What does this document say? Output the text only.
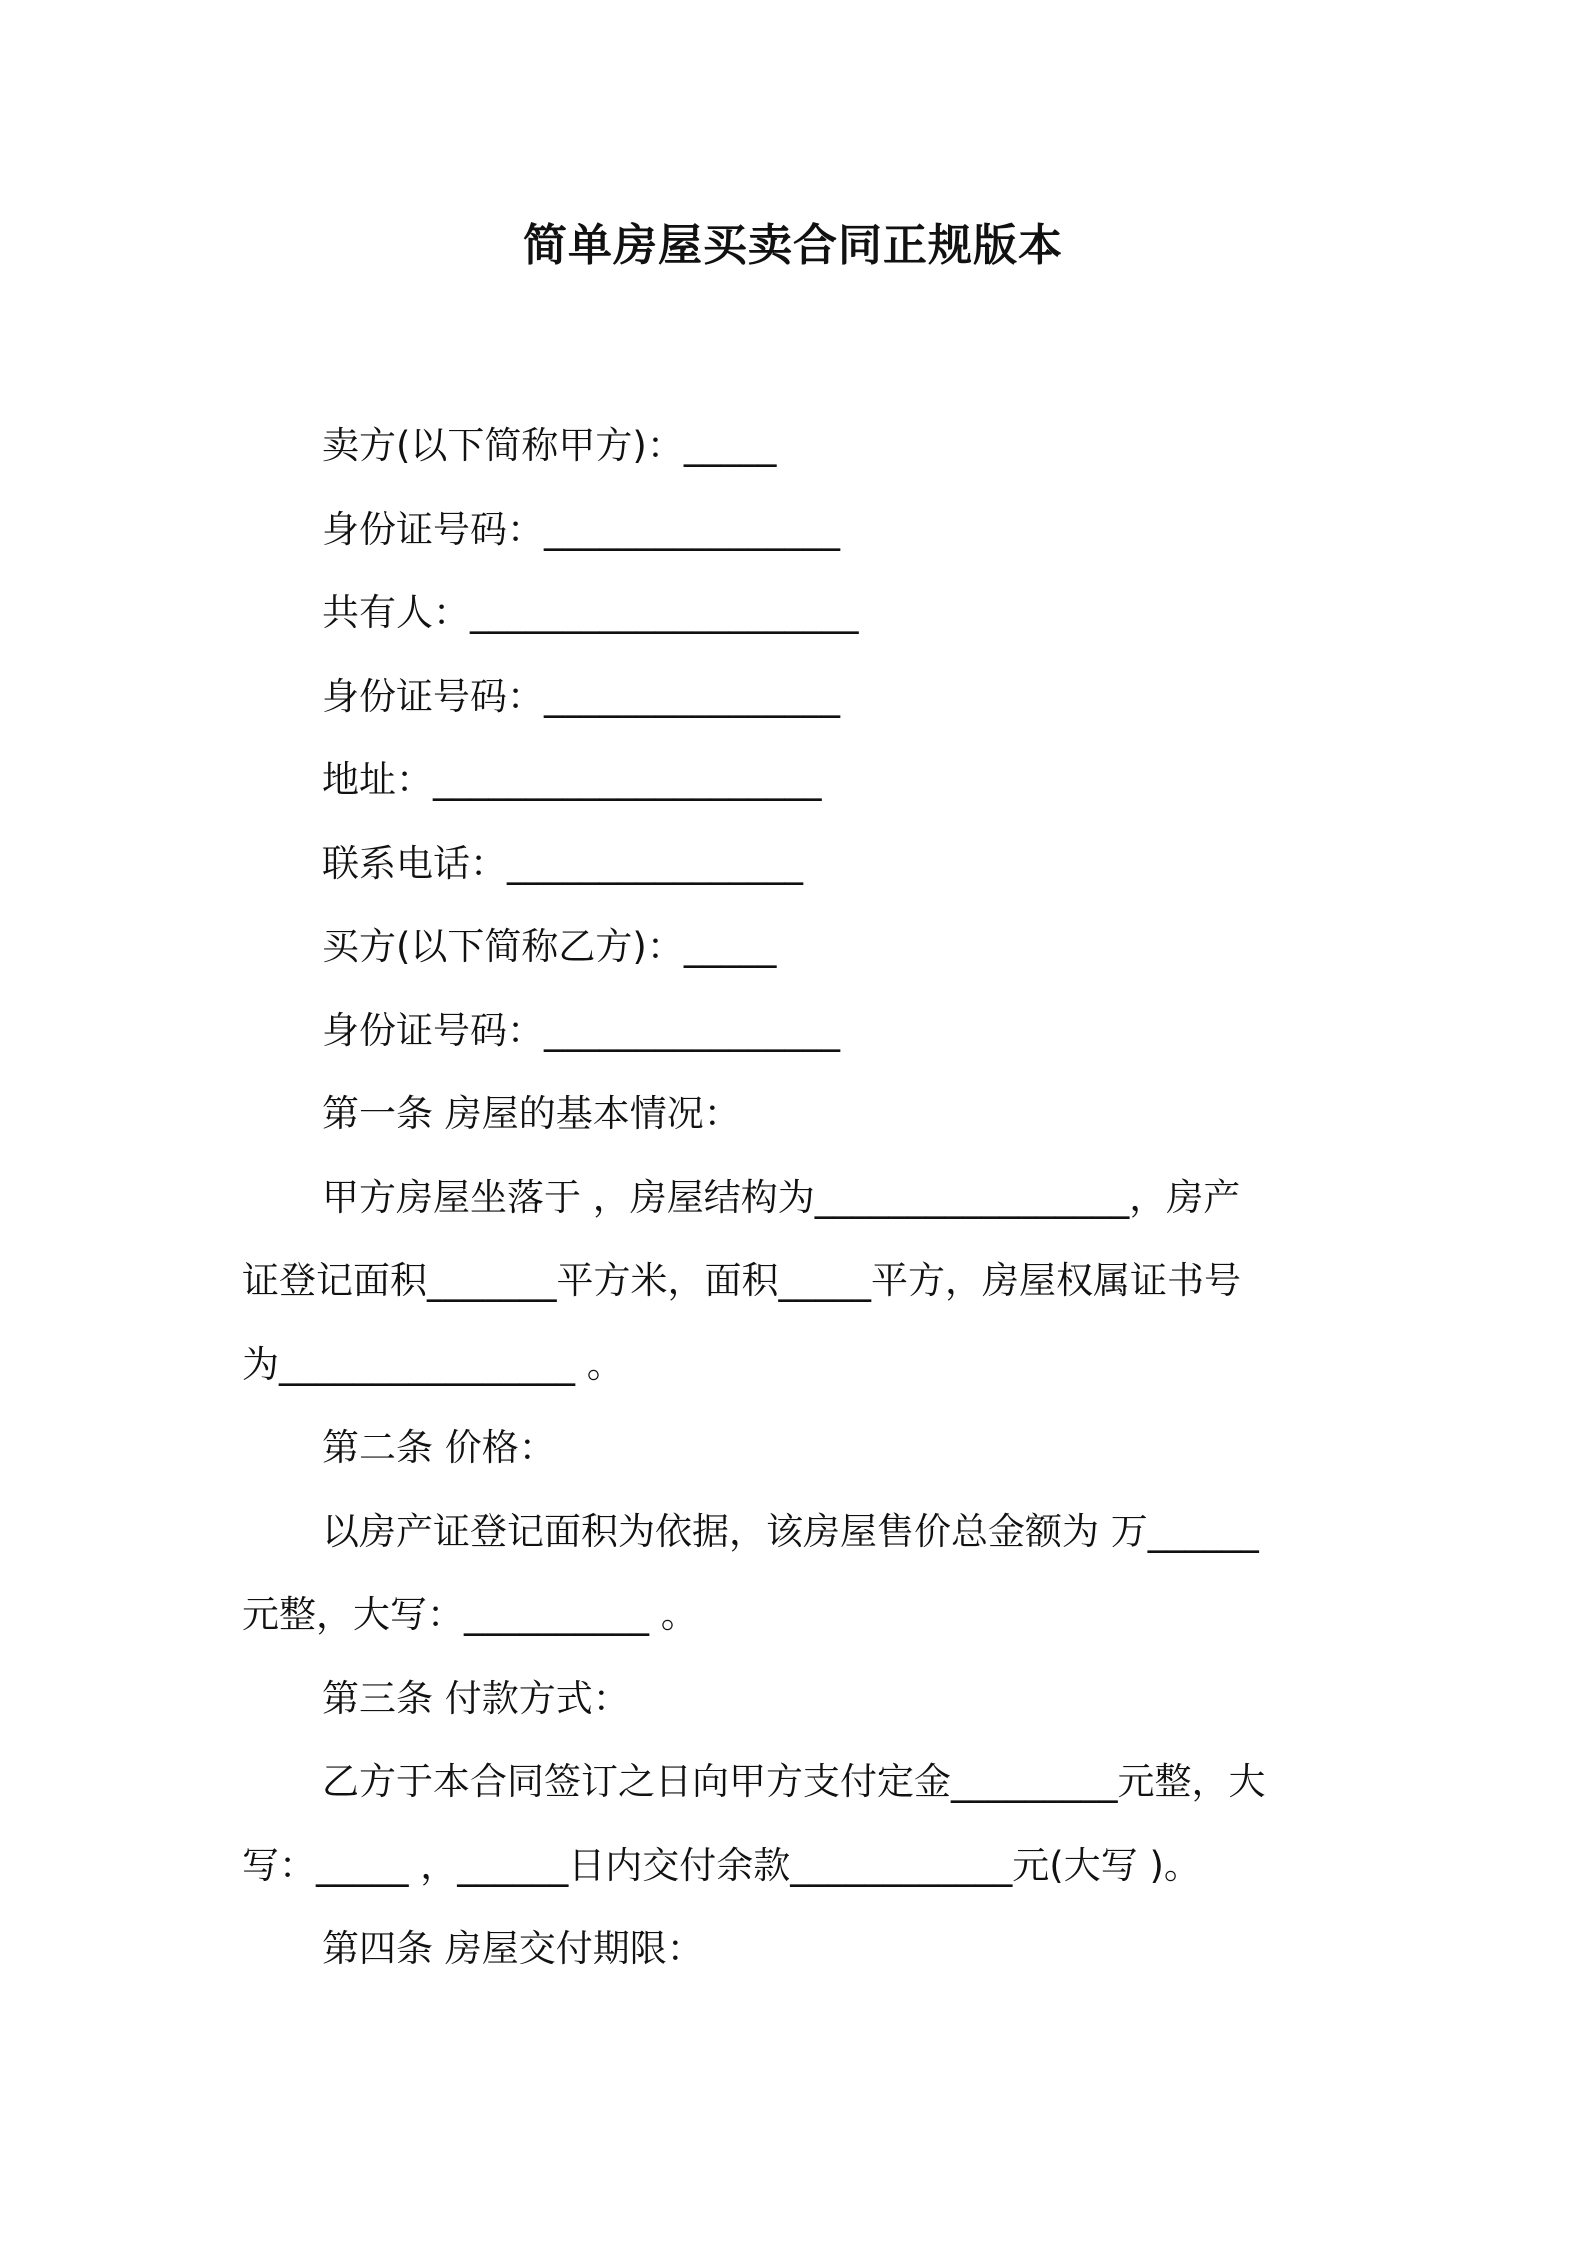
简单房屋买卖合同正规版本
卖方(以下简称甲方)：_____
身份证号码：________________
共有人：_____________________
身份证号码：________________
地址：_____________________
联系电话：________________
买方(以下简称乙方)：_____
身份证号码：________________
第一条 房屋的基本情况：
甲方房屋坐落于 ，房屋结构为_________________，房产
证登记面积_______平方米，面积_____平方，房屋权属证书号
为________________ 。
第二条 价格：
以房产证登记面积为依据，该房屋售价总金额为 万______
元整，大写：__________ 。
第三条 付款方式：
乙方于本合同签订之日向甲方支付定金_________元整，大
写：_____ ，______日内交付余款____________元(大写 )。
第四条 房屋交付期限：
